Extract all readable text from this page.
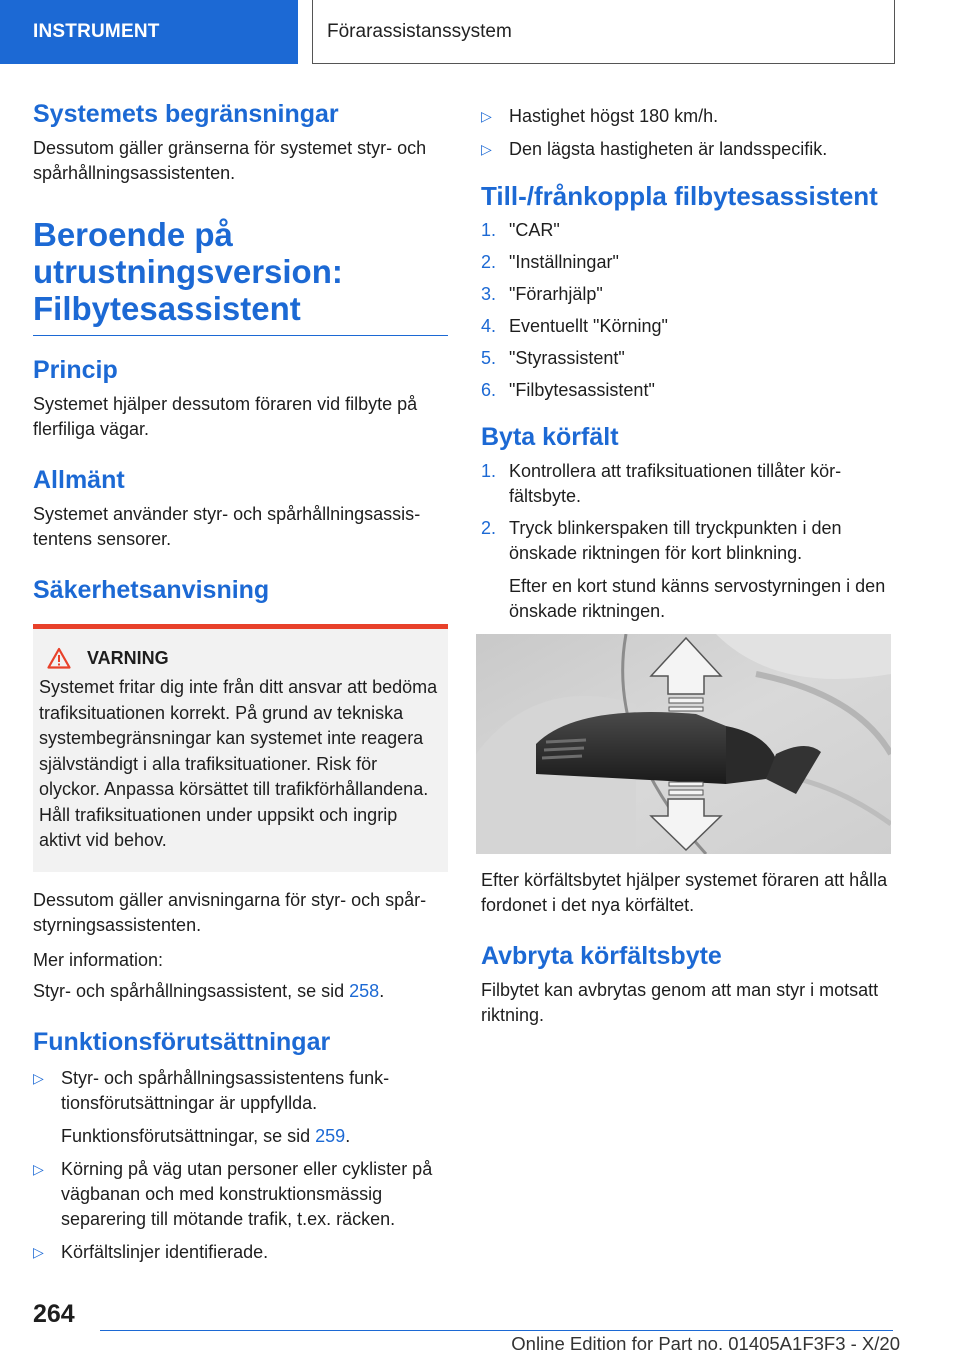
INSTRUMENT	Förarassistanssystem
Systemets begränsningar

Dessutom gäller gränserna för systemet styr- och spårhållningsassistenten.

Beroende på
utrustningsversion:
Filbytesassistent
Princip

Systemet hjälper dessutom föraren vid filbyte på flerfiliga vägar.

Allmänt

Systemet använder styr- och spårhållningsassistentens sensorer.

Säkerhetsanvisning
VARNING
Systemet fritar dig inte från ditt ansvar att bedöma trafiksituationen korrekt. På grund av tekniska systembegränsningar kan systemet inte reagera självständigt i alla trafiksituationer. Risk för olyckor. Anpassa körsättet till trafikförhållandena. Håll trafiksituationen under uppsikt och ingrip aktivt vid behov.

Dessutom gäller anvisningarna för styr- och spårstyrningsassistenten.

Mer information:

Styr- och spårhållningsassistent, se sid 258.

Funktionsförutsättningar
▷ Styr- och spårhållningsassistentens funktionsförutsättningar är uppfyllda.
Funktionsförutsättningar, se sid 259.
▷ Körning på väg utan personer eller cyklister på vägbanan och med konstruktionsmässig separering till mötande trafik, t.ex. räcken.
▷ Körfältslinjer identifierade.
▷ Hastighet högst 180 km/h.
▷ Den lägsta hastigheten är landsspecifik.
Till-/frånkoppla filbytesassistent
1. "CAR"
2. "Inställningar"
3. "Förarhjälp"
4. Eventuellt "Körning"
5. "Styrassistent"
6. "Filbytesassistent"
Byta körfält
1. Kontrollera att trafiksituationen tillåter körfältsbyte.
2. Tryck blinkerspaken till tryckpunkten i den önskade riktningen för kort blinkning.
Efter en kort stund känns servostyrningen i den önskade riktningen.

Efter körfältsbytet hjälper systemet föraren att hålla fordonet i det nya körfältet.

Avbryta körfältsbyte

Filbytet kan avbrytas genom att man styr i motsatt riktning.

264
Online Edition for Part no. 01405A1F3F3 - X/20
